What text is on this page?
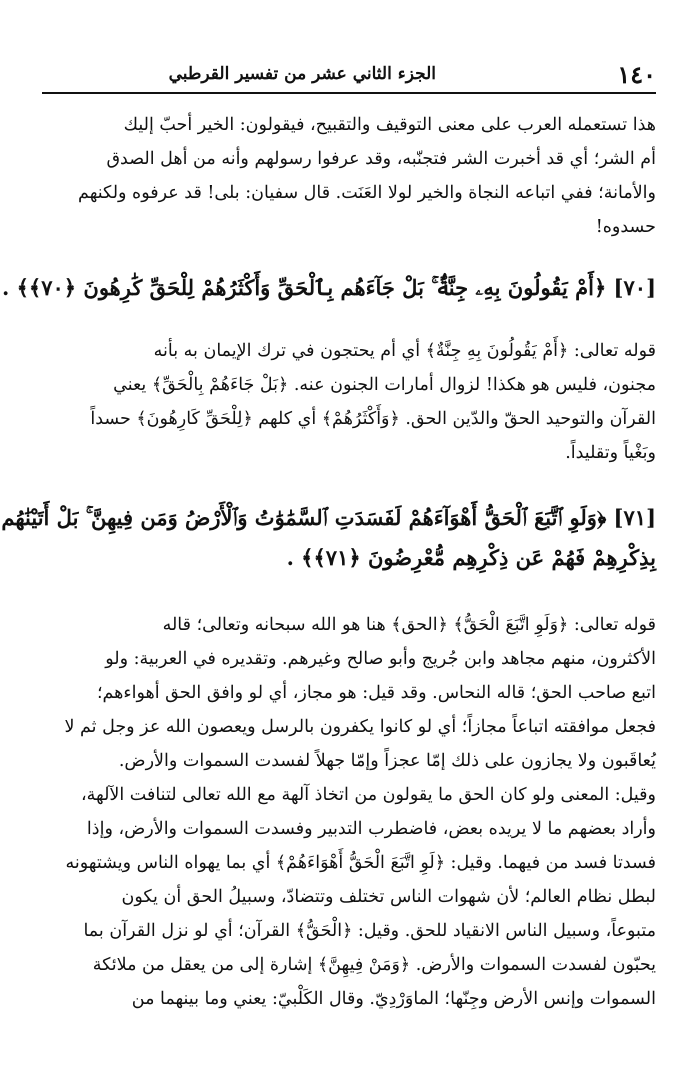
١٤٠
الجزء الثاني عشر من تفسير القرطبي
هذا تستعمله العرب على معنى التوقيف والتقبيح، فيقولون: الخير أحبّ إليك
أم الشر؛ أي قد أخبرت الشر فتجنّبه، وقد عرفوا رسولهم وأنه من أهل الصدق
والأمانة؛ ففي اتباعه النجاة والخير لولا العَنَت. قال سفيان: بلى! قد عرفوه ولكنهم
حسدوه!
[٧٠] ﴿أَمْ يَقُولُونَ بِهِۦ جِنَّةٌۢ ۚ بَلْ جَآءَهُم بِٱلْحَقِّ وَأَكْثَرُهُمْ لِلْحَقِّ كَٰرِهُونَ ﴿٧٠﴾﴾ .
قوله تعالى: ﴿أَمْ يَقُولُونَ بِهِ جِنَّةٌ﴾ أي أم يحتجون في ترك الإيمان به بأنه
مجنون، فليس هو هكذا! لزوال أمارات الجنون عنه. ﴿بَلْ جَاءَهُمْ بِالْحَقِّ﴾ يعني
القرآن والتوحيد الحقّ والدّين الحق. ﴿وَأَكْثَرُهُمْ﴾ أي كلهم ﴿لِلْحَقِّ كَارِهُونَ﴾ حسداً
وبَغْياً وتقليداً.
[٧١] ﴿وَلَوِ ٱتَّبَعَ ٱلْحَقُّ أَهْوَآءَهُمْ لَفَسَدَتِ ٱلسَّمَٰوَٰتُ وَٱلْأَرْضُ وَمَن فِيهِنَّ ۚ بَلْ أَتَيْنَٰهُم
بِذِكْرِهِمْ فَهُمْ عَن ذِكْرِهِم مُّعْرِضُونَ ﴿٧١﴾﴾ .
قوله تعالى: ﴿وَلَوِ اتَّبَعَ الْحَقُّ﴾ ﴿الحق﴾ هنا هو الله سبحانه وتعالى؛ قاله
الأكثرون، منهم مجاهد وابن جُريج وأبو صالح وغيرهم. وتقديره في العربية: ولو
اتبع صاحب الحق؛ قاله النحاس. وقد قيل: هو مجاز، أي لو وافق الحق أهواءهم؛
فجعل موافقته اتباعاً مجازاً؛ أي لو كانوا يكفرون بالرسل ويعصون الله عز وجل ثم لا
يُعاقَبون ولا يجازون على ذلك إمّا عجزاً وإمّا جهلاً لفسدت السموات والأرض.
وقيل: المعنى ولو كان الحق ما يقولون من اتخاذ آلهة مع الله تعالى لتنافت الآلهة،
وأراد بعضهم ما لا يريده بعض، فاضطرب التدبير وفسدت السموات والأرض، وإذا
فسدتا فسد من فيهما. وقيل: ﴿لَوِ اتَّبَعَ الْحَقُّ أَهْوَاءَهُمْ﴾ أي بما يهواه الناس ويشتهونه
لبطل نظام العالم؛ لأن شهوات الناس تختلف وتتضادّ، وسبيلُ الحق أن يكون
متبوعاً، وسبيل الناس الانقياد للحق. وقيل: ﴿الْحَقُّ﴾ القرآن؛ أي لو نزل القرآن بما
يحبّون لفسدت السموات والأرض. ﴿وَمَنْ فِيهِنَّ﴾ إشارة إلى من يعقل من ملائكة
السموات وإنس الأرض وجِنّها؛ الماوَرْدِيّ. وقال الكَلْبيّ: يعني وما بينهما من
